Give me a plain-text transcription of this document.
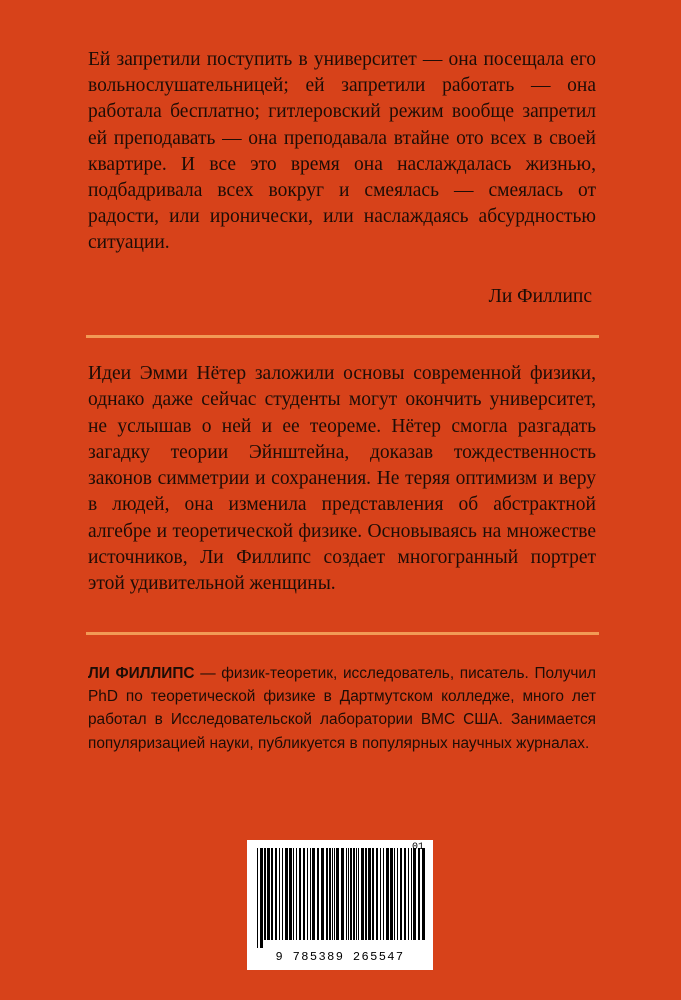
Ей запретили поступить в университет — она посещала его вольнослушательницей; ей запретили работать — она работала бесплатно; гитлеровский режим вообще запретил ей преподавать — она преподавала втайне ото всех в своей квартире. И все это время она наслаждалась жизнью, подбадривала всех вокруг и смеялась — смеялась от радости, или иронически, или наслаждаясь абсурдностью ситуации.
Ли Филлипс
Идеи Эмми Нётер заложили основы современной физики, однако даже сейчас студенты могут окончить университет, не услышав о ней и ее теореме. Нётер смогла разгадать загадку теории Эйнштейна, доказав тождественность законов симметрии и сохранения. Не теряя оптимизм и веру в людей, она изменила представления об абстрактной алгебре и теоретической физике. Основываясь на множестве источников, Ли Филлипс создает многогранный портрет этой удивительной женщины.
ЛИ ФИЛЛИПС — физик-теоретик, исследователь, писатель. Получил PhD по теоретической физике в Дартмутском колледже, много лет работал в Исследовательской лаборатории ВМС США. Занимается популяризацией науки, публикуется в популярных научных журналах.
01
9 785389 265547
